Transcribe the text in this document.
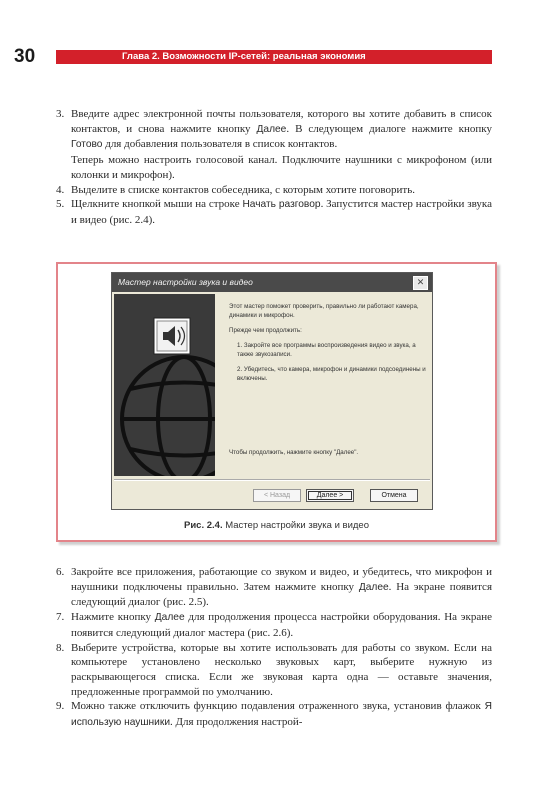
30	Глава 2. Возможности IP-сетей: реальная экономия
3. Введите адрес электронной почты пользователя, которого вы хотите добавить в список контактов, и снова нажмите кнопку Далее. В следующем диалоге нажмите кнопку Готово для добавления пользователя в список контактов.

Теперь можно настроить голосовой канал. Подключите наушники с микрофоном (или колонки и микрофон).

4. Выделите в списке контактов собеседника, с которым хотите поговорить.

5. Щелкните кнопкой мыши на строке Начать разговор. Запустится мастер настройки звука и видео (рис. 2.4).

Мастер настройки звука и видео	✕

Этот мастер поможет проверить, правильно ли работают камера, динамики и микрофон.

Прежде чем продолжить:

1. Закройте все программы воспроизведения видео и звука, а также звукозаписи.

2. Убедитесь, что камера, микрофон и динамики подсоединены и включены.

Чтобы продолжить, нажмите кнопку "Далее".
< Назад	Далее >	Отмена
Рис. 2.4. Мастер настройки звука и видео
6. Закройте все приложения, работающие со звуком и видео, и убедитесь, что микрофон и наушники подключены правильно. Затем нажмите кнопку Далее. На экране появится следующий диалог (рис. 2.5).

7. Нажмите кнопку Далее для продолжения процесса настройки оборудования. На экране появится следующий диалог мастера (рис. 2.6).

8. Выберите устройства, которые вы хотите использовать для работы со звуком. Если на компьютере установлено несколько звуковых карт, выберите нужную из раскрывающегося списка. Если же звуковая карта одна — оставьте значения, предложенные программой по умолчанию.

9. Можно также отключить функцию подавления отраженного звука, установив флажок Я использую наушники. Для продолжения настрой-
